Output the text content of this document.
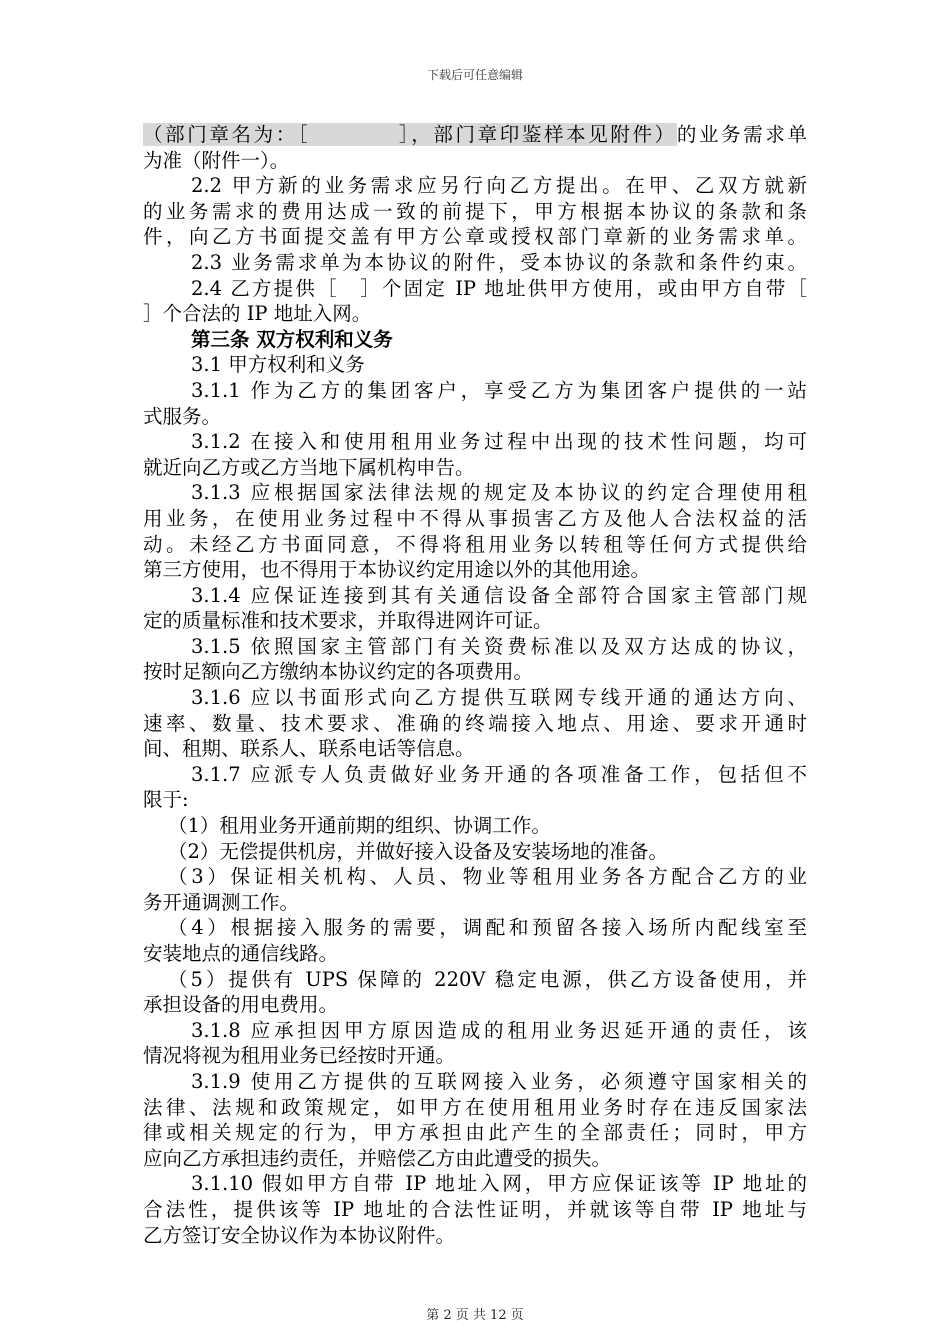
下载后可任意编辑
（部门章名为：［　　　　	］，部门章印鉴样本见附件）的业务需求单
为准（附件一）。
2.2 甲方新的业务需求应另行向乙方提出。在甲、乙双方就新
的业务需求的费用达成一致的前提下，甲方根据本协议的条款和条
件，向乙方书面提交盖有甲方公章或授权部门章新的业务需求单。
2.3 业务需求单为本协议的附件，受本协议的条款和条件约束。
2.4 乙方提供［　］个固定 IP 地址供甲方使用，或由甲方自带［
］个合法的 IP 地址入网。
第三条 双方权利和义务
3.1 甲方权利和义务
3.1.1 作为乙方的集团客户，享受乙方为集团客户提供的一站
式服务。
3.1.2 在接入和使用租用业务过程中出现的技术性问题，均可
就近向乙方或乙方当地下属机构申告。
3.1.3 应根据国家法律法规的规定及本协议的约定合理使用租
用业务，在使用业务过程中不得从事损害乙方及他人合法权益的活
动。未经乙方书面同意，不得将租用业务以转租等任何方式提供给
第三方使用，也不得用于本协议约定用途以外的其他用途。
3.1.4 应保证连接到其有关通信设备全部符合国家主管部门规
定的质量标准和技术要求，并取得进网许可证。
3.1.5 依照国家主管部门有关资费标准以及双方达成的协议，
按时足额向乙方缴纳本协议约定的各项费用。
3.1.6 应以书面形式向乙方提供互联网专线开通的通达方向、
速率、数量、技术要求、准确的终端接入地点、用途、要求开通时
间、租期、联系人、联系电话等信息。
3.1.7 应派专人负责做好业务开通的各项准备工作，包括但不
限于:
（1）租用业务开通前期的组织、协调工作。
（2）无偿提供机房，并做好接入设备及安装场地的准备。
（3）保证相关机构、人员、物业等租用业务各方配合乙方的业
务开通调测工作。
（4）根据接入服务的需要，调配和预留各接入场所内配线室至
安装地点的通信线路。
（5）提供有 UPS 保障的 220V 稳定电源，供乙方设备使用，并
承担设备的用电费用。
3.1.8 应承担因甲方原因造成的租用业务迟延开通的责任，该
情况将视为租用业务已经按时开通。
3.1.9 使用乙方提供的互联网接入业务，必须遵守国家相关的
法律、法规和政策规定，如甲方在使用租用业务时存在违反国家法
律或相关规定的行为，甲方承担由此产生的全部责任；同时，甲方
应向乙方承担违约责任，并赔偿乙方由此遭受的损失。
3.1.10 假如甲方自带 IP 地址入网，甲方应保证该等 IP 地址的
合法性，提供该等 IP 地址的合法性证明，并就该等自带 IP 地址与
乙方签订安全协议作为本协议附件。
第 2 页 共 12 页
